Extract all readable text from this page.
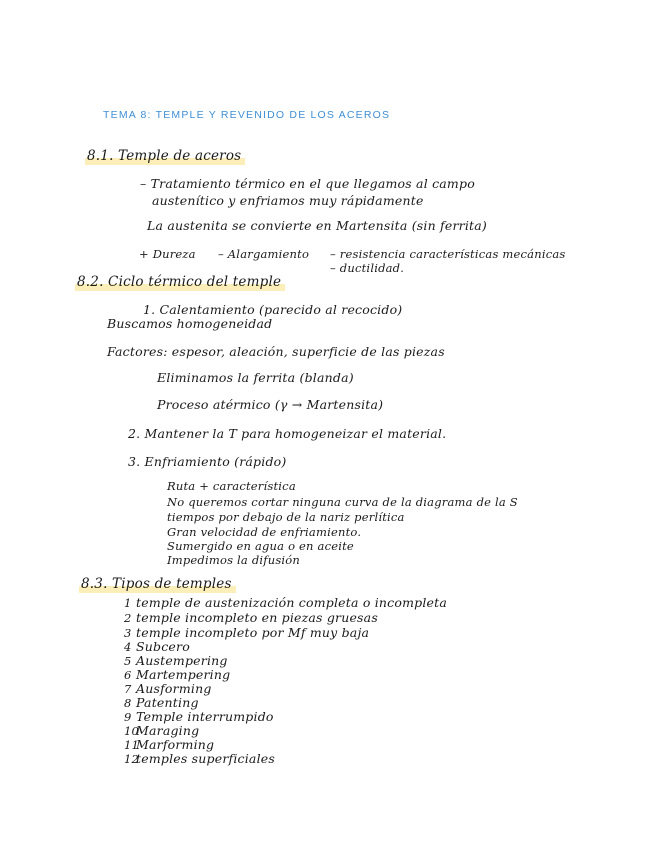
TEMA 8: TEMPLE Y REVENIDO DE LOS ACEROS
8.1. Temple de aceros
– Tratamiento térmico en el que llegamos al campo
austenítico y enfriamos muy rápidamente
La austenita se convierte en Martensita (sin ferrita)
+ Dureza – Alargamiento – resistencia características mecánicas
– ductilidad.
8.2. Ciclo térmico del temple
1. Calentamiento (parecido al recocido)
Buscamos homogeneidad
Factores: espesor, aleación, superficie de las piezas
Eliminamos la ferrita (blanda)
Proceso atérmico (γ → Martensita)
2. Mantener la T para homogeneizar el material.
3. Enfriamiento (rápido)
Ruta + característica
No queremos cortar ninguna curva de la diagrama de la S
tiempos por debajo de la nariz perlítica
Gran velocidad de enfriamiento.
Sumergido en agua o en aceite
Impedimos la difusión
8.3. Tipos de temples
1 temple de austenización completa o incompleta
2 temple incompleto en piezas gruesas
3 temple incompleto por Mf muy baja
4 Subcero
5 Austempering
6 Martempering
7 Ausforming
8 Patenting
9 Temple interrumpido
10Maraging
11Marforming
12temples superficiales
